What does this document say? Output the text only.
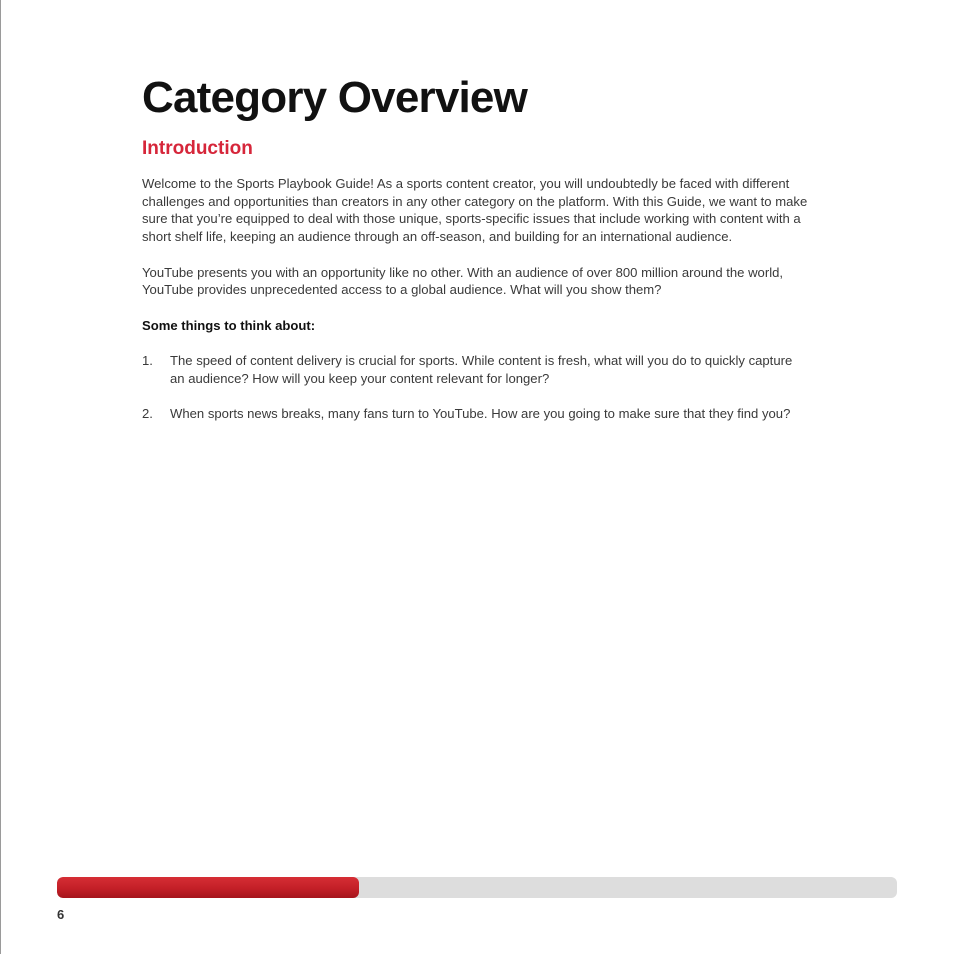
Category Overview
Introduction

Welcome to the Sports Playbook Guide! As a sports content creator, you will undoubtedly be faced with different challenges and opportunities than creators in any other category on the platform. With this Guide, we want to make sure that you’re equipped to deal with those unique, sports-specific issues that include working with content with a short shelf life, keeping an audience through an off-season, and building for an international audience.

YouTube presents you with an opportunity like no other. With an audience of over 800 million around the world, YouTube provides unprecedented access to a global audience. What will you show them?

Some things to think about:
1.	The speed of content delivery is crucial for sports. While content is fresh, what will you do to quickly capture an audience? How will you keep your content relevant for longer?
2.	When sports news breaks, many fans turn to YouTube. How are you going to make sure that they find you?
6
